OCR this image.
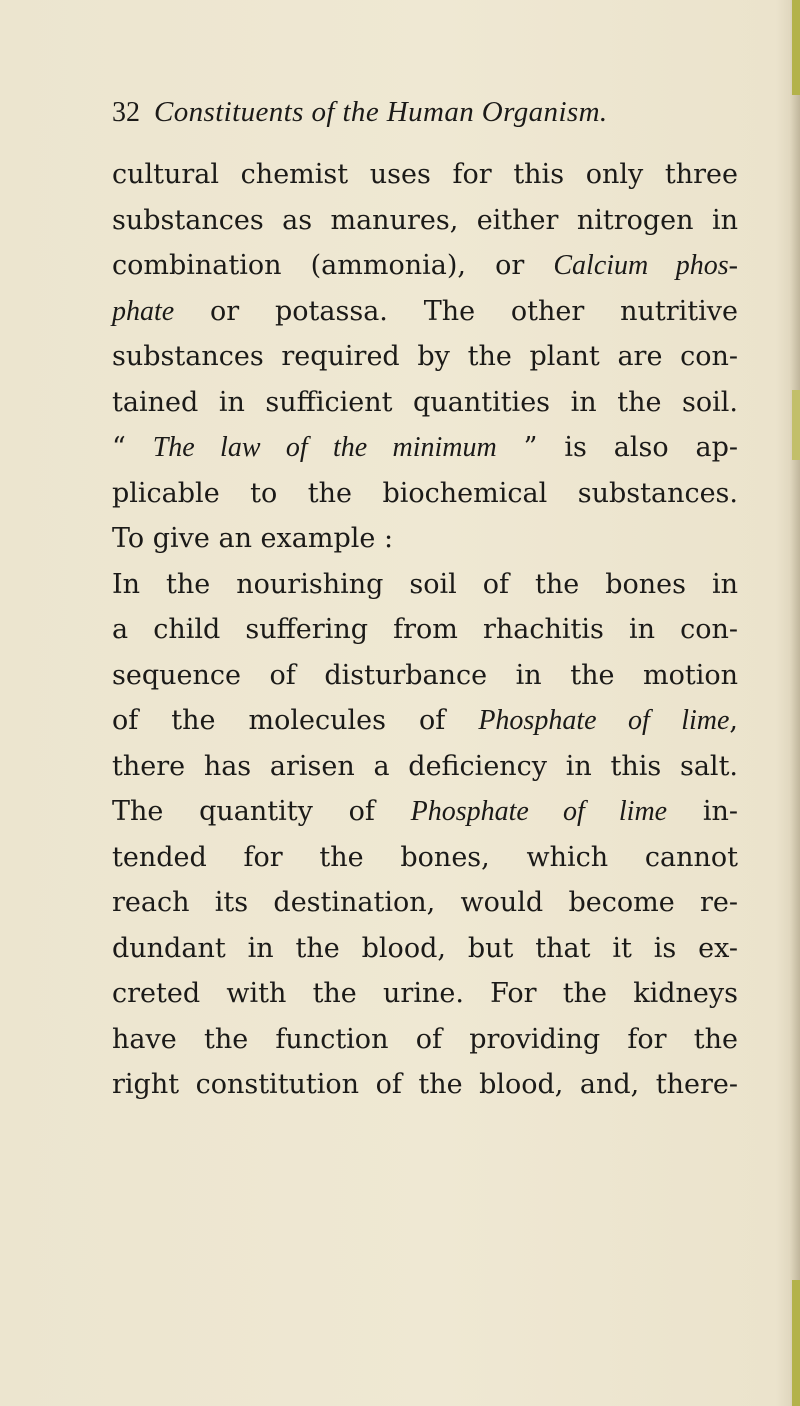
32 Constituents of the Human Organism.
cultural chemist uses for this only three
substances as manures, either nitrogen in
combination (ammonia), or Calcium phos-
phate or potassa. The other nutritive
substances required by the plant are con-
tained in sufficient quantities in the soil.
“ The law of the minimum ” is also ap-
plicable to the biochemical substances.
To give an example :
In the nourishing soil of the bones in
a child suffering from rhachitis in con-
sequence of disturbance in the motion
of the molecules of Phosphate of lime,
there has arisen a deficiency in this salt.
The quantity of Phosphate of lime in-
tended for the bones, which cannot
reach its destination, would become re-
dundant in the blood, but that it is ex-
creted with the urine. For the kidneys
have the function of providing for the
right constitution of the blood, and, there-
